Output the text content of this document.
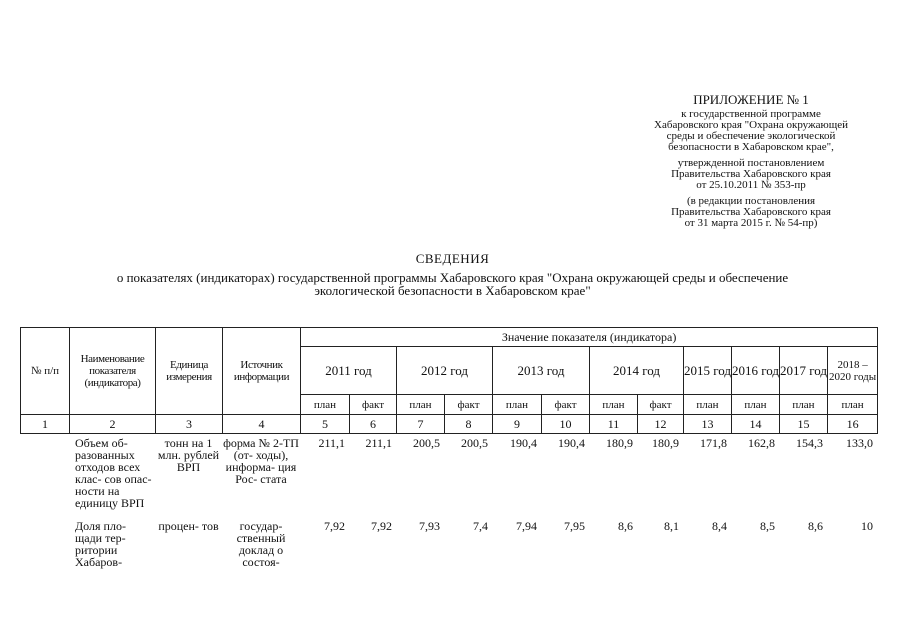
ПРИЛОЖЕНИЕ № 1
к государственной программе
Хабаровского края "Охрана окружающей
среды и обеспечение экологической
безопасности в Хабаровском крае",
утвержденной постановлением
Правительства Хабаровского края
от 25.10.2011 № 353-пр
(в редакции постановления
Правительства Хабаровского края
от 31 марта 2015 г. № 54-пр)
СВЕДЕНИЯ
о показателях (индикаторах) государственной программы Хабаровского края "Охрана окружающей среды и обеспечение экологической безопасности в Хабаровском крае"
№ п/п	Наименование показателя (индикатора)	Единица измерения	Источник информации	Значение показателя (индикатора)											
				2011 год		2012 год		2013 год		2014 год		2015 год	2016 год	2017 год	2018 – 2020 годы
				план	факт	план	факт	план	факт	план	факт	план	план	план	план
1	2	3	4	5	6	7	8	9	10	11	12	13	14	15	16
	Объем об- разованных отходов всех клас- сов опас- ности на единицу ВРП	тонн на 1 млн. рублей ВРП	форма № 2-ТП (от- ходы), информа- ция Рос- стата	211,1	211,1	200,5	200,5	190,4	190,4	180,9	180,9	171,8	162,8	154,3	133,0
	Доля пло- щади тер- ритории Хабаров-	процен- тов	государ- ственный доклад о состоя-	7,92	7,92	7,93	7,4	7,94	7,95	8,6	8,1	8,4	8,5	8,6	10
